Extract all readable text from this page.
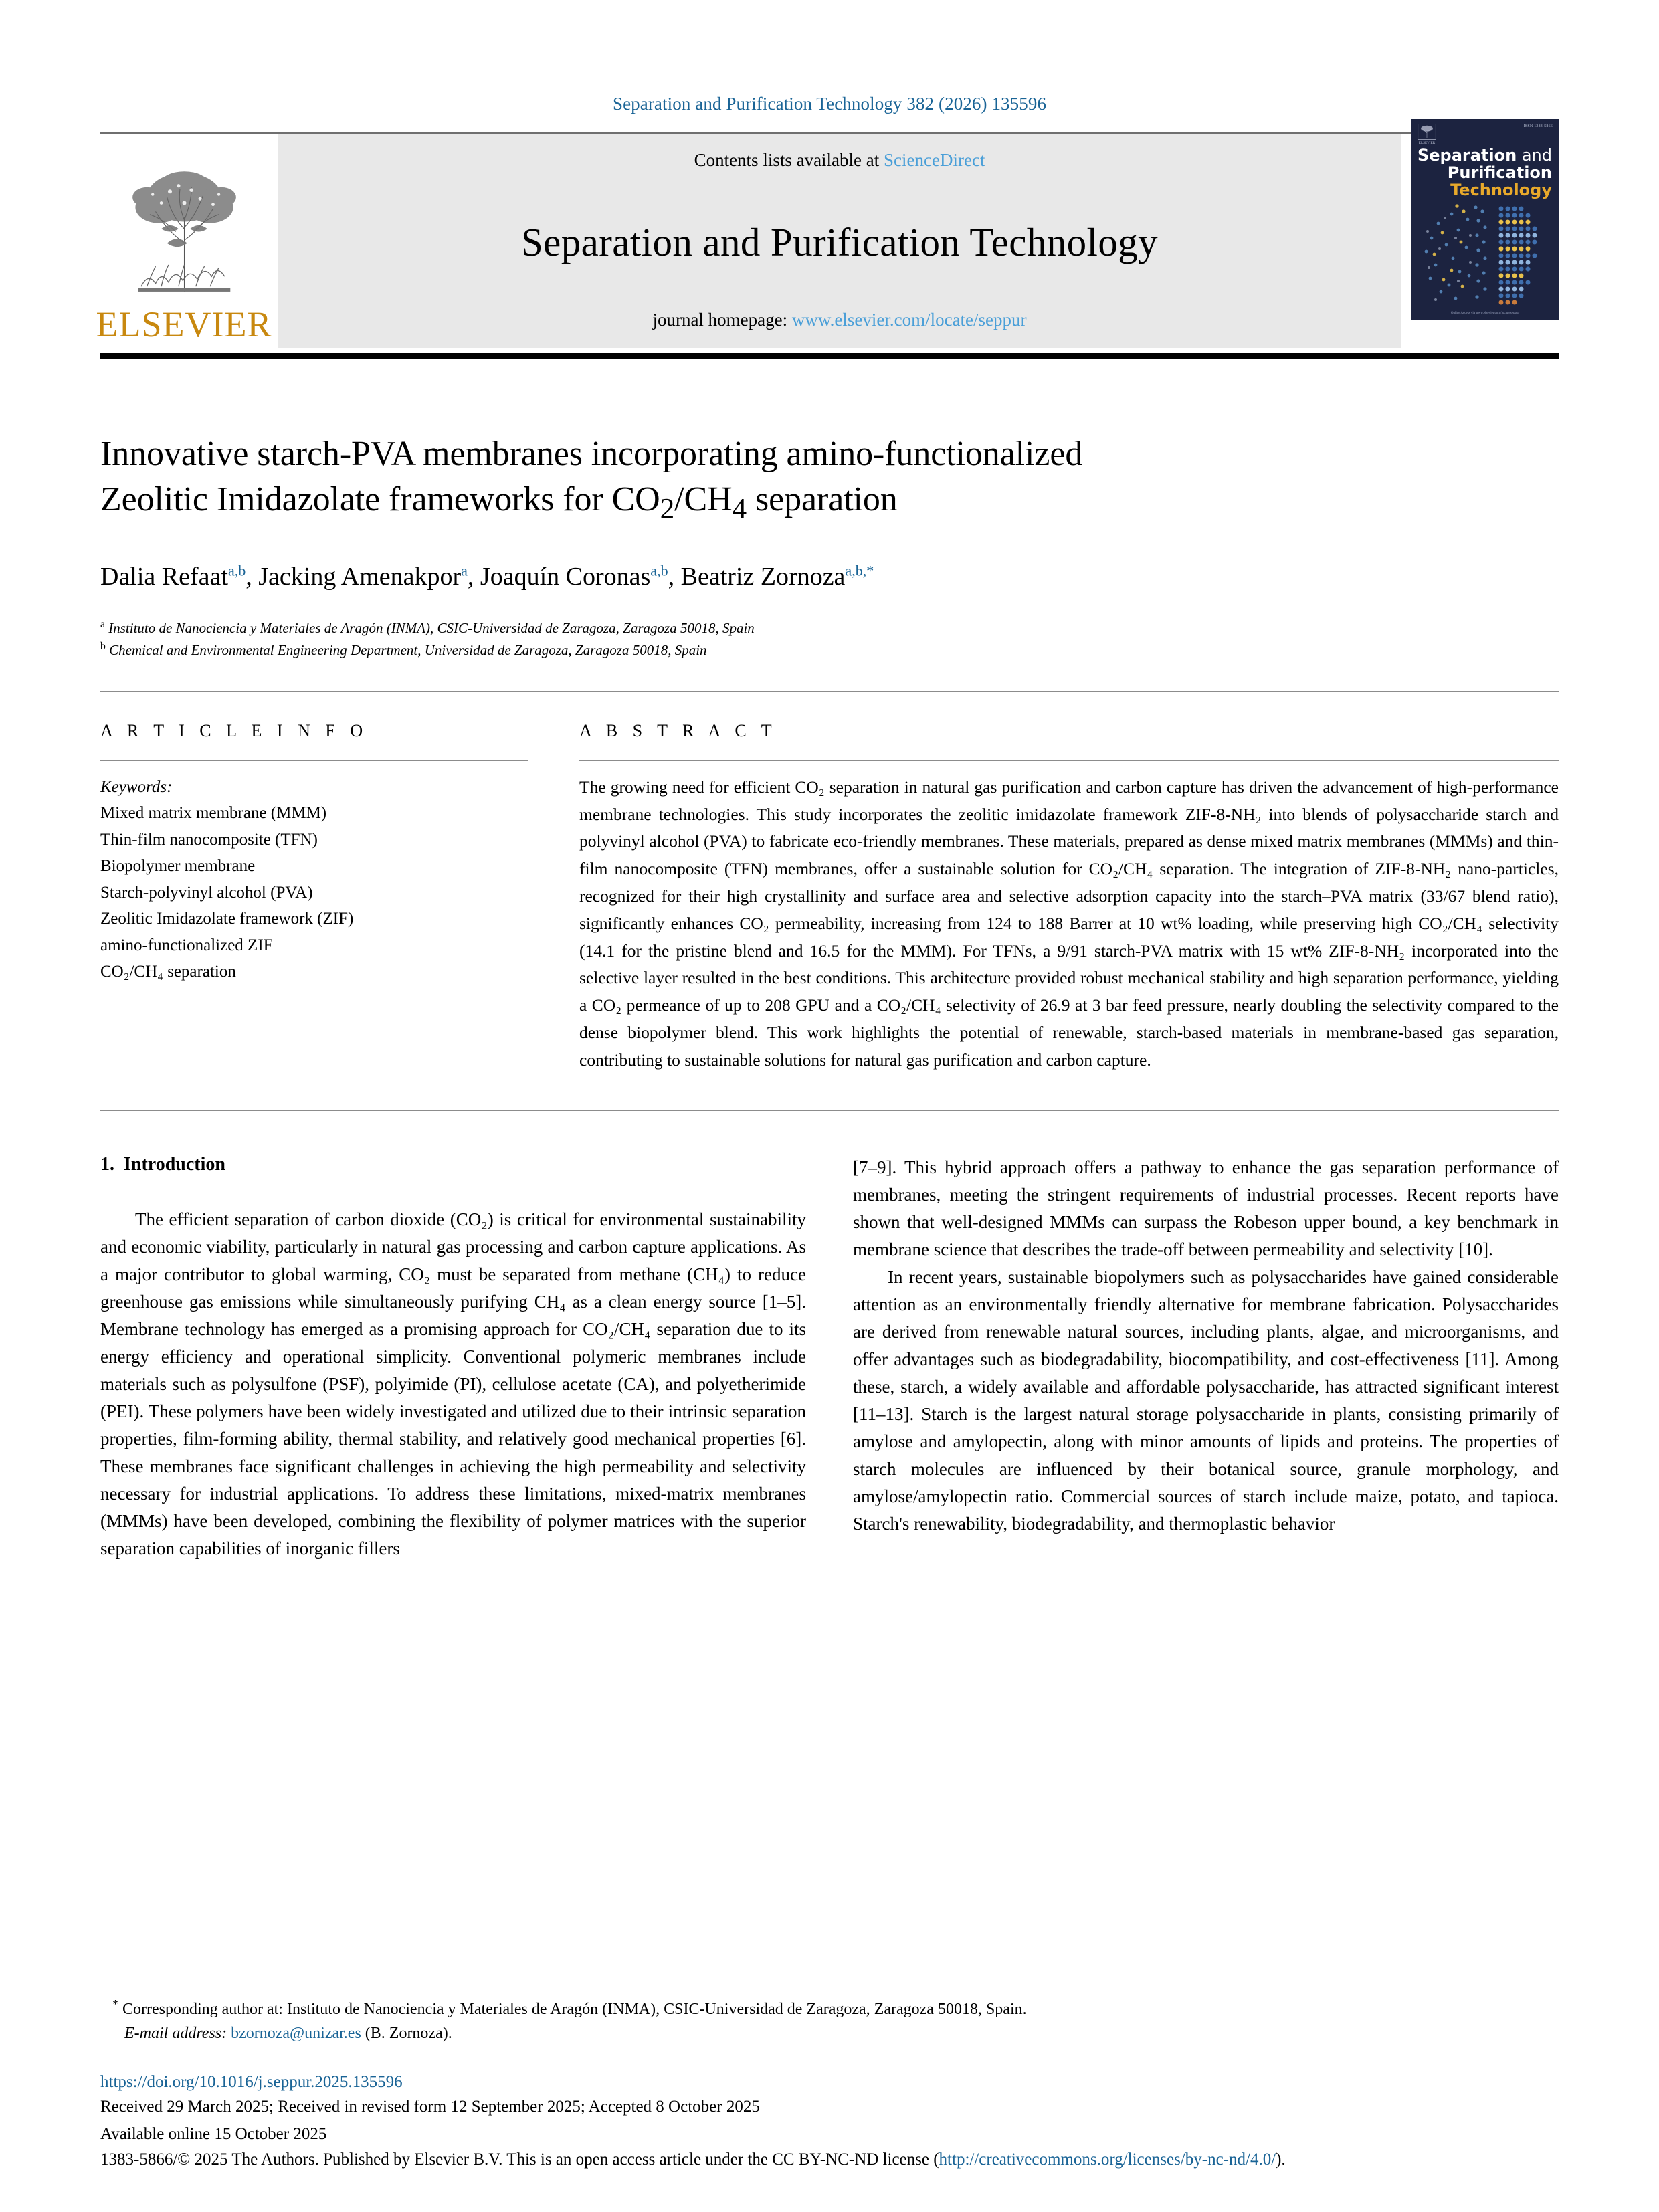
Separation and Purification Technology 382 (2026) 135596
ELSEVIER
Contents lists available at ScienceDirect
Separation and Purification Technology
journal homepage: www.elsevier.com/locate/seppur
ELSEVIER
ISSN 1383-5866
Separation and
Purification
Technology
Online Access via www.elsevier.com/locate/seppur
Innovative starch-PVA membranes incorporating amino-functionalized
Zeolitic Imidazolate frameworks for $CO_2/CH_4$ separation
Dalia Refaat$^{a,b}$, Jacking Amenakpor$^a$, Joaquín Coronas$^{a,b}$, Beatriz Zornoza$^{a,b,*}$
$^a$ Instituto de Nanociencia y Materiales de Aragón (INMA), CSIC-Universidad de Zaragoza, Zaragoza 50018, Spain
$^b$ Chemical and Environmental Engineering Department, Universidad de Zaragoza, Zaragoza 50018, Spain
A R T I C L E I N F O
Keywords:
Mixed matrix membrane (MMM)
Thin-film nanocomposite (TFN)
Biopolymer membrane
Starch-polyvinyl alcohol (PVA)
Zeolitic Imidazolate framework (ZIF)
amino-functionalized ZIF
CO₂/CH₄ separation
A B S T R A C T
The growing need for efficient CO₂ separation in natural gas purification and carbon capture has driven the advancement of high-performance membrane technologies. This study incorporates the zeolitic imidazolate framework ZIF-8-NH₂ into blends of polysaccharide starch and polyvinyl alcohol (PVA) to fabricate eco-friendly membranes. These materials, prepared as dense mixed matrix membranes (MMMs) and thin-film nanocomposite (TFN) membranes, offer a sustainable solution for CO₂/CH₄ separation. The integration of ZIF-8-NH₂ nano-particles, recognized for their high crystallinity and surface area and selective adsorption capacity into the starch–PVA matrix (33/67 blend ratio), significantly enhances CO₂ permeability, increasing from 124 to 188 Barrer at 10 wt% loading, while preserving high CO₂/CH₄ selectivity (14.1 for the pristine blend and 16.5 for the MMM). For TFNs, a 9/91 starch-PVA matrix with 15 wt% ZIF-8-NH₂ incorporated into the selective layer resulted in the best conditions. This architecture provided robust mechanical stability and high separation performance, yielding a CO₂ permeance of up to 208 GPU and a CO₂/CH₄ selectivity of 26.9 at 3 bar feed pressure, nearly doubling the selectivity compared to the dense biopolymer blend. This work highlights the potential of renewable, starch-based materials in membrane-based gas separation, contributing to sustainable solutions for natural gas purification and carbon capture.
1. Introduction

The efficient separation of carbon dioxide (CO₂) is critical for environmental sustainability and economic viability, particularly in natural gas processing and carbon capture applications. As a major contributor to global warming, CO₂ must be separated from methane (CH₄) to reduce greenhouse gas emissions while simultaneously purifying CH₄ as a clean energy source [1–5]. Membrane technology has emerged as a promising approach for CO₂/CH₄ separation due to its energy efficiency and operational simplicity. Conventional polymeric membranes include materials such as polysulfone (PSF), polyimide (PI), cellulose acetate (CA), and polyetherimide (PEI). These polymers have been widely investigated and utilized due to their intrinsic separation properties, film-forming ability, thermal stability, and relatively good mechanical properties [6]. These membranes face significant challenges in achieving the high permeability and selectivity necessary for industrial applications. To address these limitations, mixed-matrix membranes (MMMs) have been developed, combining the flexibility of polymer matrices with the superior separation capabilities of inorganic fillers

[7–9]. This hybrid approach offers a pathway to enhance the gas separation performance of membranes, meeting the stringent requirements of industrial processes. Recent reports have shown that well-designed MMMs can surpass the Robeson upper bound, a key benchmark in membrane science that describes the trade-off between permeability and selectivity [10].

In recent years, sustainable biopolymers such as polysaccharides have gained considerable attention as an environmentally friendly alternative for membrane fabrication. Polysaccharides are derived from renewable natural sources, including plants, algae, and microorganisms, and offer advantages such as biodegradability, biocompatibility, and cost-effectiveness [11]. Among these, starch, a widely available and affordable polysaccharide, has attracted significant interest [11–13]. Starch is the largest natural storage polysaccharide in plants, consisting primarily of amylose and amylopectin, along with minor amounts of lipids and proteins. The properties of starch molecules are influenced by their botanical source, granule morphology, and amylose/amylopectin ratio. Commercial sources of starch include maize, potato, and tapioca. Starch's renewability, biodegradability, and thermoplastic behavior

* Corresponding author at: Instituto de Nanociencia y Materiales de Aragón (INMA), CSIC-Universidad de Zaragoza, Zaragoza 50018, Spain.
E-mail address: bzornoza@unizar.es (B. Zornoza).
https://doi.org/10.1016/j.seppur.2025.135596
Received 29 March 2025; Received in revised form 12 September 2025; Accepted 8 October 2025
Available online 15 October 2025
1383-5866/© 2025 The Authors. Published by Elsevier B.V. This is an open access article under the CC BY-NC-ND license (http://creativecommons.org/licenses/by-nc-nd/4.0/).
